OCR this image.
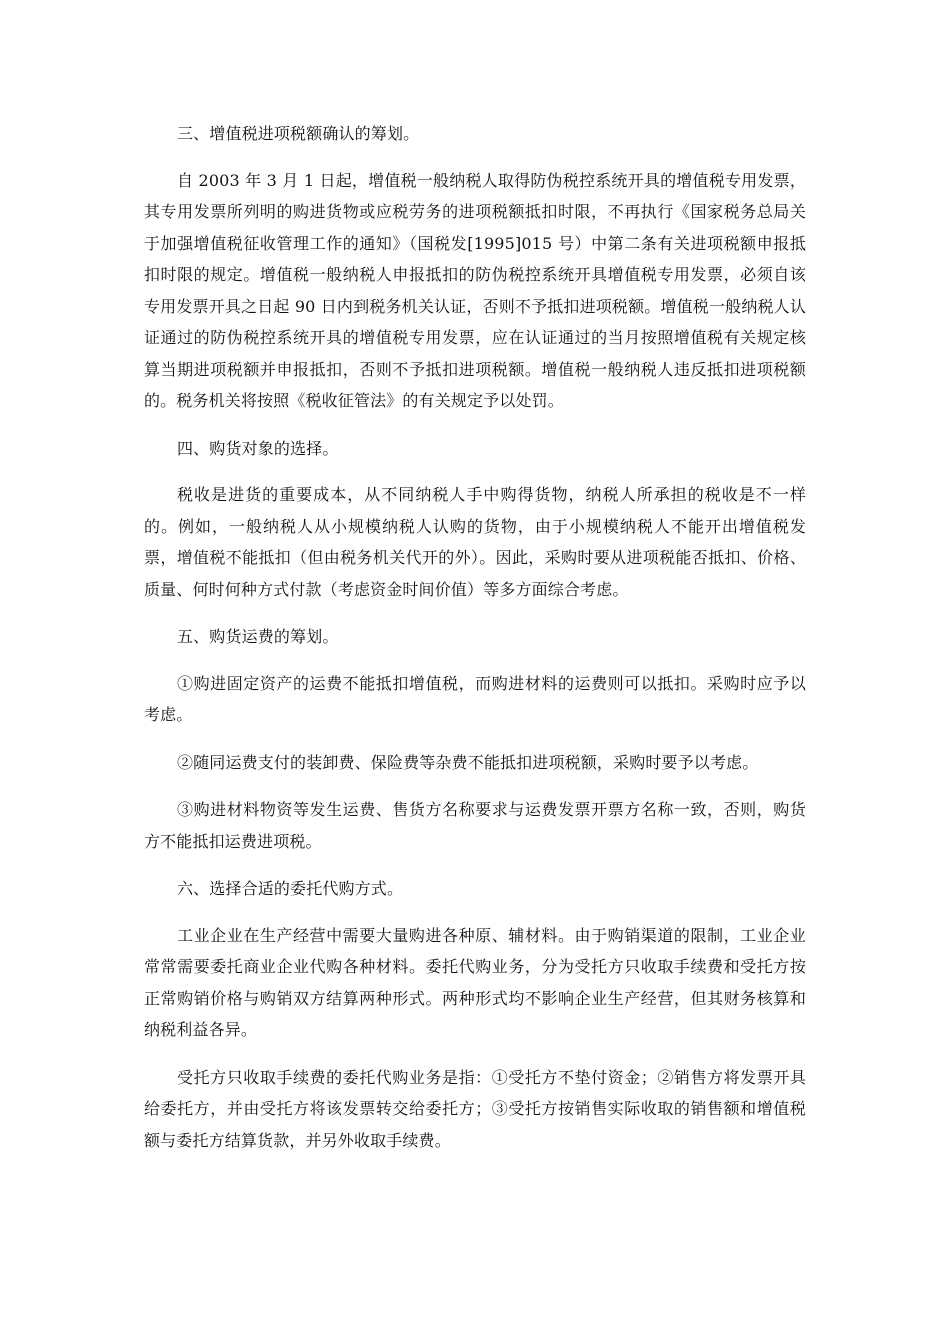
三、增值税进项税额确认的筹划。

自 2003 年 3 月 1 日起，增值税一般纳税人取得防伪税控系统开具的增值税专用发票，其专用发票所列明的购进货物或应税劳务的进项税额抵扣时限，不再执行《国家税务总局关于加强增值税征收管理工作的通知》（国税发[1995]015 号）中第二条有关进项税额申报抵扣时限的规定。增值税一般纳税人申报抵扣的防伪税控系统开具增值税专用发票，必须自该专用发票开具之日起 90 日内到税务机关认证，否则不予抵扣进项税额。增值税一般纳税人认证通过的防伪税控系统开具的增值税专用发票，应在认证通过的当月按照增值税有关规定核算当期进项税额并申报抵扣，否则不予抵扣进项税额。增值税一般纳税人违反抵扣进项税额的。税务机关将按照《税收征管法》的有关规定予以处罚。

四、购货对象的选择。

税收是进货的重要成本，从不同纳税人手中购得货物，纳税人所承担的税收是不一样的。例如，一般纳税人从小规模纳税人认购的货物，由于小规模纳税人不能开出增值税发票，增值税不能抵扣（但由税务机关代开的外）。因此，采购时要从进项税能否抵扣、价格、质量、何时何种方式付款（考虑资金时间价值）等多方面综合考虑。

五、购货运费的筹划。

①购进固定资产的运费不能抵扣增值税，而购进材料的运费则可以抵扣。采购时应予以考虑。

②随同运费支付的装卸费、保险费等杂费不能抵扣进项税额，采购时要予以考虑。

③购进材料物资等发生运费、售货方名称要求与运费发票开票方名称一致，否则，购货方不能抵扣运费进项税。

六、选择合适的委托代购方式。

工业企业在生产经营中需要大量购进各种原、辅材料。由于购销渠道的限制，工业企业常常需要委托商业企业代购各种材料。委托代购业务，分为受托方只收取手续费和受托方按正常购销价格与购销双方结算两种形式。两种形式均不影响企业生产经营，但其财务核算和纳税利益各异。

受托方只收取手续费的委托代购业务是指：①受托方不垫付资金；②销售方将发票开具给委托方，并由受托方将该发票转交给委托方；③受托方按销售实际收取的销售额和增值税额与委托方结算货款，并另外收取手续费。
